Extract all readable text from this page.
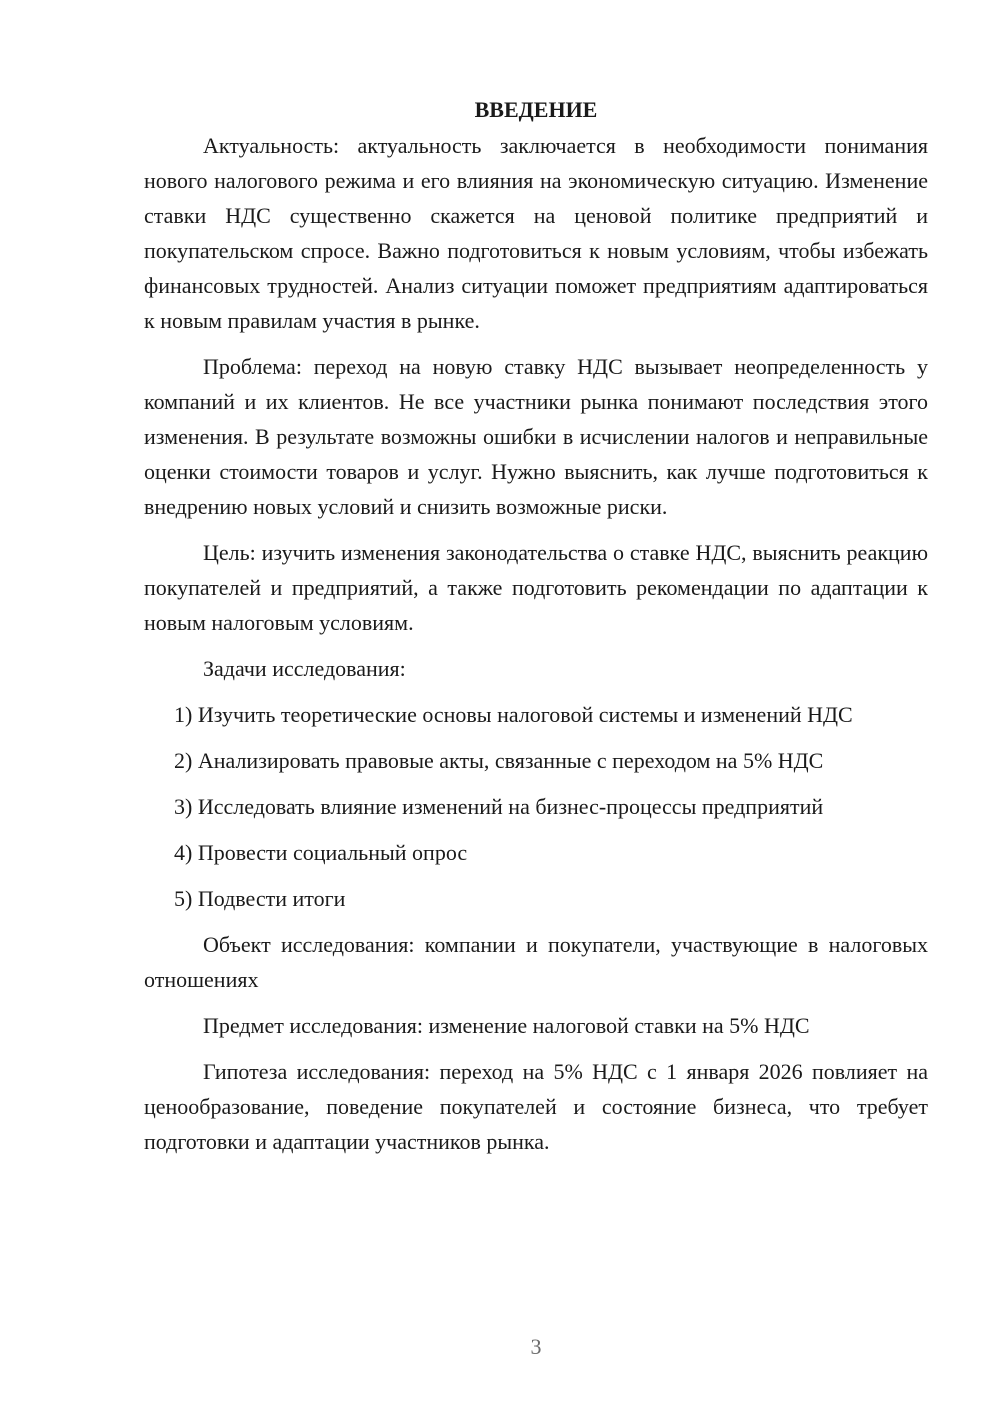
ВВЕДЕНИЕ

Актуальность: актуальность заключается в необходимости понимания нового налогового режима и его влияния на экономическую ситуацию. Изменение ставки НДС существенно скажется на ценовой политике предприятий и покупательском спросе. Важно подготовиться к новым условиям, чтобы избежать финансовых трудностей. Анализ ситуации поможет предприятиям адаптироваться к новым правилам участия в рынке.

Проблема: переход на новую ставку НДС вызывает неопределенность у компаний и их клиентов. Не все участники рынка понимают последствия этого изменения. В результате возможны ошибки в исчислении налогов и неправильные оценки стоимости товаров и услуг. Нужно выяснить, как лучше подготовиться к внедрению новых условий и снизить возможные риски.

Цель: изучить изменения законодательства о ставке НДС, выяснить реакцию покупателей и предприятий, а также подготовить рекомендации по адаптации к новым налоговым условиям.

Задачи исследования:

1) Изучить теоретические основы налоговой системы и изменений НДС

2) Анализировать правовые акты, связанные с переходом на 5% НДС

3) Исследовать влияние изменений на бизнес-процессы предприятий

4) Провести социальный опрос

5) Подвести итоги

Объект исследования: компании и покупатели, участвующие в налоговых отношениях

Предмет исследования: изменение налоговой ставки на 5% НДС

Гипотеза исследования: переход на 5% НДС с 1 января 2026 повлияет на ценообразование, поведение покупателей и состояние бизнеса, что требует подготовки и адаптации участников рынка.

3
